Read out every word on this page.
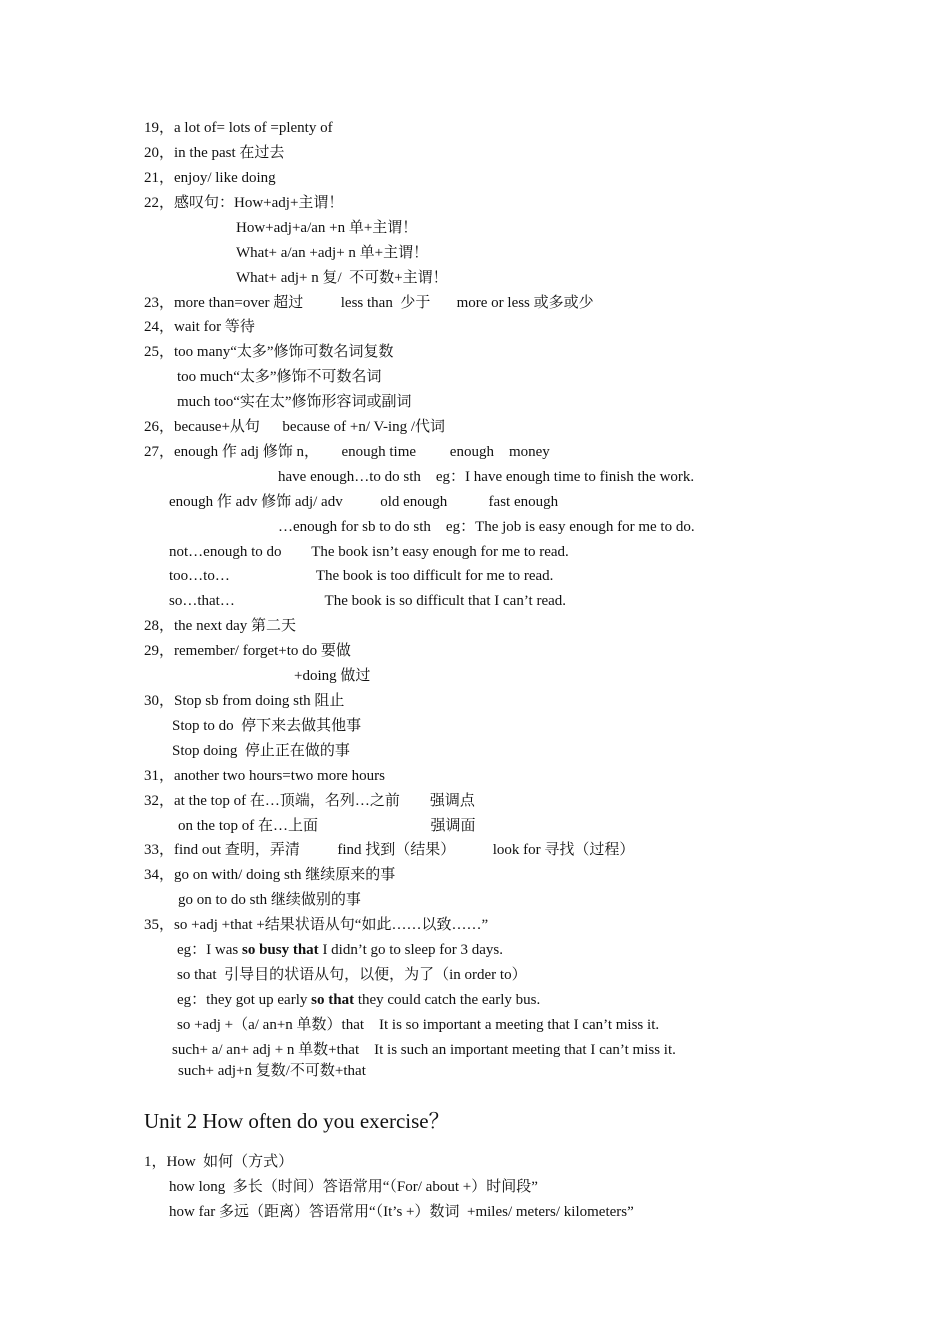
19，a lot of= lots of =plenty of
20，in the past 在过去
21，enjoy/ like doing
22，感叹句：How+adj+主谓！
How+adj+a/an +n 单+主谓！
What+ a/an +adj+ n 单+主谓！
What+ adj+ n 复/  不可数+主谓！
23，more than=over 超过          less than  少于       more or less 或多或少
24，wait for 等待
25，too many“太多”修饰可数名词复数
too much“太多”修饰不可数名词
much too“实在太”修饰形容词或副词
26，because+从句      because of +n/ V-ing /代词
27，enough 作 adj 修饰 n，      enough time         enough    money
have enough…to do sth    eg：I have enough time to finish the work.
enough 作 adv 修饰 adj/ adv          old enough           fast enough
…enough for sb to do sth    eg：The job is easy enough for me to do.
not…enough to do        The book isn’t easy enough for me to read.
too…to…                       The book is too difficult for me to read.
so…that…                        The book is so difficult that I can’t read.
28，the next day 第二天
29，remember/ forget+to do 要做
+doing 做过
30，Stop sb from doing sth 阻止
Stop to do  停下来去做其他事
Stop doing  停止正在做的事
31，another two hours=two more hours
32，at the top of 在…顶端，名列…之前        强调点
on the top of 在…上面                              强调面
33，find out 查明，弄清          find 找到（结果）          look for 寻找（过程）
34，go on with/ doing sth 继续原来的事
go on to do sth 继续做别的事
35，so +adj +that +结果状语从句“如此……以致……”
eg：I was so busy that I didn’t go to sleep for 3 days.
so that  引导目的状语从句，以便，为了（in order to）
eg：they got up early so that they could catch the early bus.
so +adj +（a/ an+n 单数）that    It is so important a meeting that I can’t miss it.
such+ a/ an+ adj + n 单数+that    It is such an important meeting that I can’t miss it.
such+ adj+n 复数/不可数+that
Unit 2 How often do you exercise？
1，How  如何（方式）
how long  多长（时间）答语常用“（For/ about +）时间段”
how far 多远（距离）答语常用“（It’s +）数词  +miles/ meters/ kilometers”
